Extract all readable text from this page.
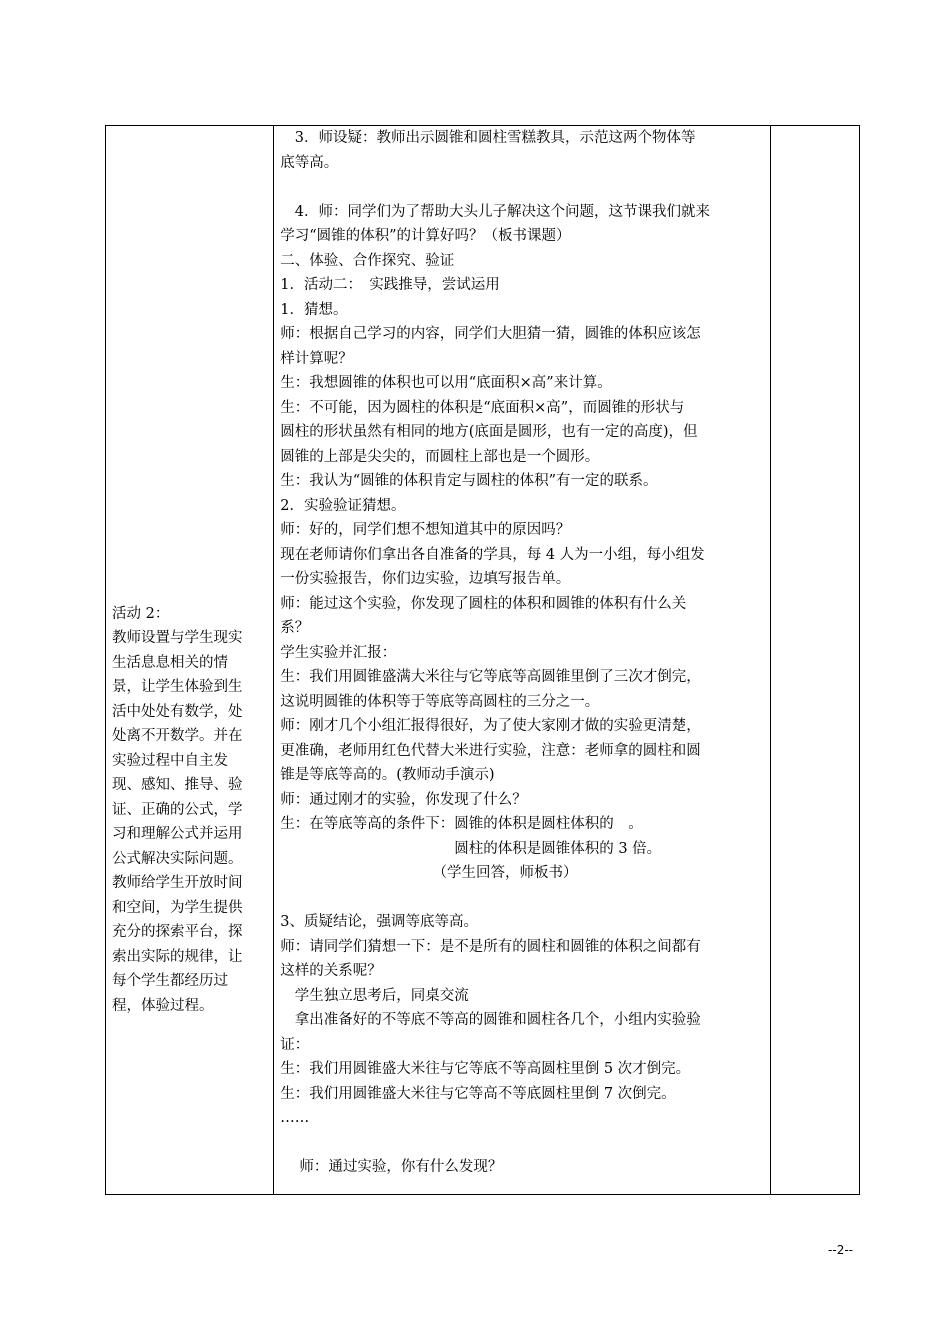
活动 2：
教师设置与学生现实
生活息息相关的情
景，让学生体验到生
活中处处有数学，处
处离不开数学。并在
实验过程中自主发
现、感知、推导、验
证、正确的公式，学
习和理解公式并运用
公式解决实际问题。
教师给学生开放时间
和空间，为学生提供
充分的探索平台，探
索出实际的规律，让
每个学生都经历过
程，体验过程。

　3．师设疑：教师出示圆锥和圆柱雪糕教具，示范这两个物体等
底等高。
　4．师：同学们为了帮助大头儿子解决这个问题，这节课我们就来
学习“圆锥的体积”的计算好吗？（板书课题）
二、体验、合作探究、验证
1．活动二：　实践推导，尝试运用
1．猜想。
师：根据自己学习的内容，同学们大胆猜一猜，圆锥的体积应该怎
样计算呢？
生：我想圆锥的体积也可以用“底面积×高”来计算。
生：不可能，因为圆柱的体积是“底面积×高”，而圆锥的形状与
圆柱的形状虽然有相同的地方(底面是圆形，也有一定的高度)，但
圆锥的上部是尖尖的，而圆柱上部也是一个圆形。
生：我认为“圆锥的体积肯定与圆柱的体积”有一定的联系。
2．实验验证猜想。
师：好的，同学们想不想知道其中的原因吗？
现在老师请你们拿出各自准备的学具，每 4 人为一小组，每小组发
一份实验报告，你们边实验，边填写报告单。
师：能过这个实验，你发现了圆柱的体积和圆锥的体积有什么关
系？
学生实验并汇报：
生：我们用圆锥盛满大米往与它等底等高圆锥里倒了三次才倒完，
这说明圆锥的体积等于等底等高圆柱的三分之一。
师：刚才几个小组汇报得很好，为了使大家刚才做的实验更清楚，
更准确，老师用红色代替大米进行实验，注意：老师拿的圆柱和圆
锥是等底等高的。(教师动手演示)
师：通过刚才的实验，你发现了什么？
生：在等底等高的条件下：圆锥的体积是圆柱体积的　。
　　　　　　　　　　　　圆柱的体积是圆锥体积的 3 倍。
　　　　　　　　　　　（学生回答，师板书）
3、质疑结论，强调等底等高。
师：请同学们猜想一下：是不是所有的圆柱和圆锥的体积之间都有
这样的关系呢？
　学生独立思考后，同桌交流
　拿出准备好的不等底不等高的圆锥和圆柱各几个，小组内实验验
证：
生：我们用圆锥盛大米往与它等底不等高圆柱里倒 5 次才倒完。
生：我们用圆锥盛大米往与它等高不等底圆柱里倒 7 次倒完。
……
　 师：通过实验，你有什么发现？

--2--
